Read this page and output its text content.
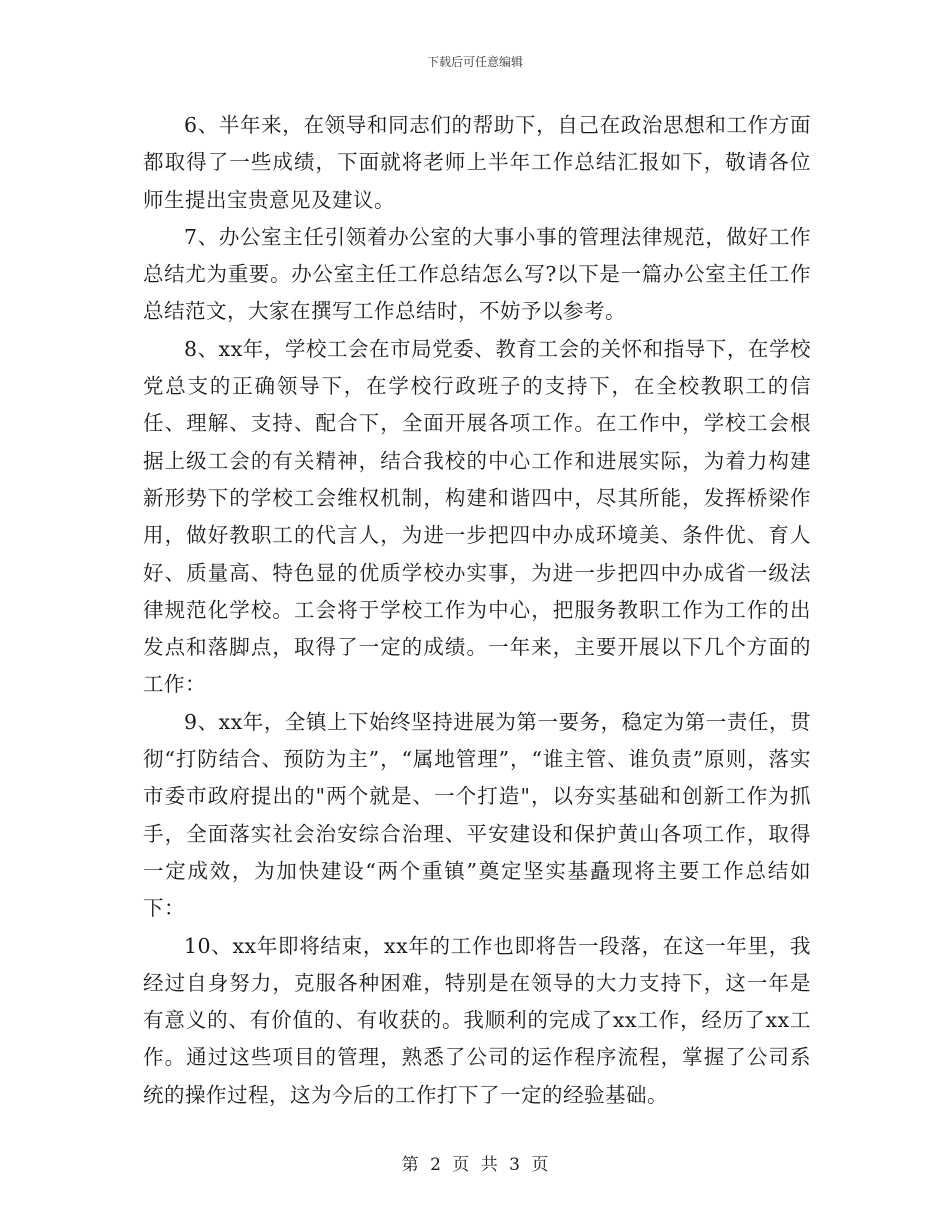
下载后可任意编辑

6、半年来，在领导和同志们的帮助下，自己在政治思想和工作方面都取得了一些成绩，下面就将老师上半年工作总结汇报如下，敬请各位师生提出宝贵意见及建议。

7、办公室主任引领着办公室的大事小事的管理法律规范，做好工作总结尤为重要。办公室主任工作总结怎么写?以下是一篇办公室主任工作总结范文，大家在撰写工作总结时，不妨予以参考。

8、xx年，学校工会在市局党委、教育工会的关怀和指导下，在学校党总支的正确领导下，在学校行政班子的支持下，在全校教职工的信任、理解、支持、配合下，全面开展各项工作。在工作中，学校工会根据上级工会的有关精神，结合我校的中心工作和进展实际，为着力构建新形势下的学校工会维权机制，构建和谐四中，尽其所能，发挥桥梁作用，做好教职工的代言人，为进一步把四中办成环境美、条件优、育人好、质量高、特色显的优质学校办实事，为进一步把四中办成省一级法律规范化学校。工会将于学校工作为中心，把服务教职工作为工作的出发点和落脚点，取得了一定的成绩。一年来，主要开展以下几个方面的工作：

9、xx年，全镇上下始终坚持进展为第一要务，稳定为第一责任，贯彻“打防结合、预防为主”，“属地管理”，“谁主管、谁负责”原则，落实市委市政府提出的"两个就是、一个打造"，以夯实基础和创新工作为抓手，全面落实社会治安综合治理、平安建设和保护黄山各项工作，取得一定成效，为加快建设“两个重镇”奠定坚实基矗现将主要工作总结如下：

10、xx年即将结束，xx年的工作也即将告一段落，在这一年里，我经过自身努力，克服各种困难，特别是在领导的大力支持下，这一年是有意义的、有价值的、有收获的。我顺利的完成了xx工作，经历了xx工作。通过这些项目的管理，熟悉了公司的运作程序流程，掌握了公司系统的操作过程，这为今后的工作打下了一定的经验基础。

第 2 页 共 3 页
